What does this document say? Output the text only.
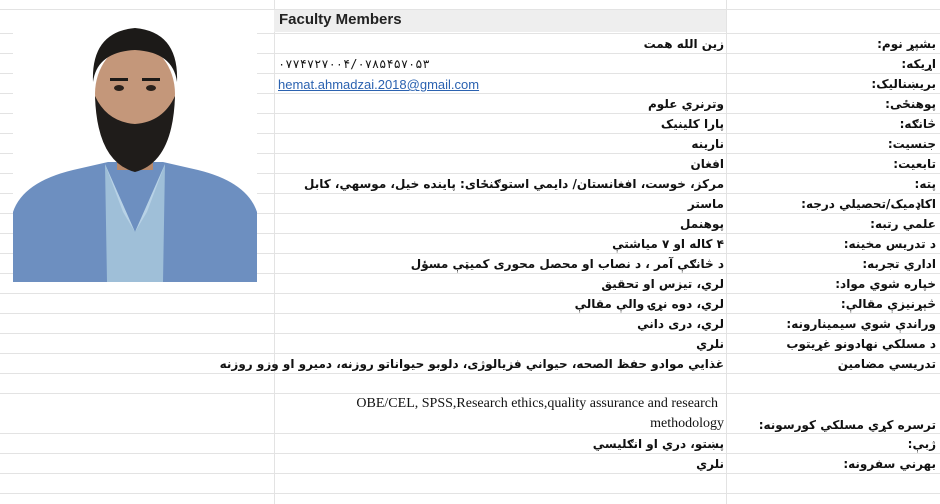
Faculty Members
بشپړ نوم:
زین الله همت
اړیکه:
۰۷۷۴۷۲۷۰۰۴/۰۷۸۵۴۵۷۰۵۳
بریښنالیک:
hemat.ahmadzai.2018@gmail.com
پوهنځی:
وترنري علوم
څانګه:
پارا کلینیک
جنسیت:
نارینه
تابعیت:
افغان
پته:
مرکز، خوست، افغانستان/ دایمي استوګنځای: پاینده خیل، موسهي، کابل
اکاډمیک/تحصیلي درجه:
ماستر
علمي رتبه:
پوهنمل
د تدریس مخینه:
۴ کاله او ۷ میاشتې
اداري تجربه:
د څانګې آمر ، د نصاب او محصل محوری کمیټې مسؤل
خپاره شوي مواد:
لري، تیزس او تحقیق
څېړنیزې مقالې:
لري، دوه نړۍ والې مقالې
وراندې شوي سیمینارونه:
لري، دری داني
د مسلکي نهادونو غړیتوب
نلري
تدریسي مضامین
غذایي موادو حفظ الصحه، حیواني فزیالوژی، دلوبو حیواناتو روزنه، دمیرو او وزو روزنه
ترسره کړي مسلکي کورسونه:
OBE/CEL, SPSS,Research ethics,quality assurance and research
methodology
ژبې:
پښتو، دري او انګلیسي
بهرني سفرونه:
نلري
